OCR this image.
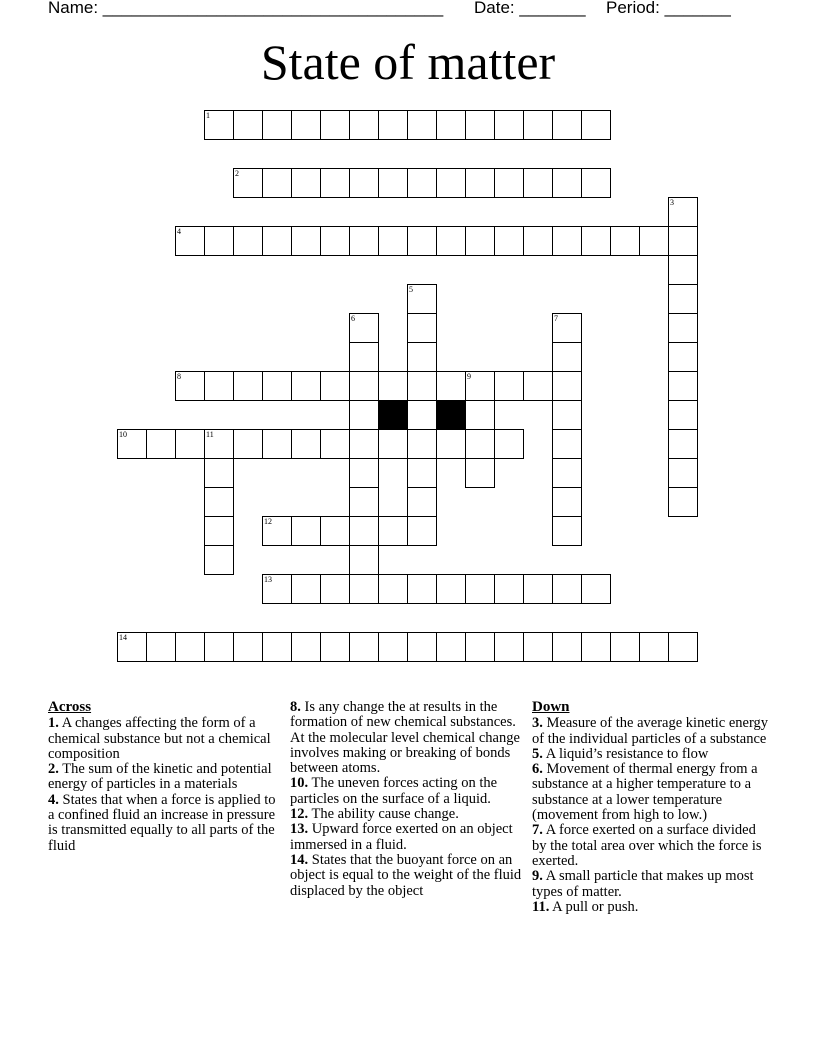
Name: ____________________________________ Date: _______ Period: _______
State of matter
1
2
3
4
5
6	7
8	9
10	11
12
13
14
Across

1. A changes affecting the form of a chemical substance but not a chemical composition

2. The sum of the kinetic and potential energy of particles in a materials

4. States that when a force is applied to a confined fluid an increase in pressure is transmitted equally to all parts of the fluid

8. Is any change the at results in the formation of new chemical substances. At the molecular level chemical change involves making or breaking of bonds between atoms.

10. The uneven forces acting on the particles on the surface of a liquid.

12. The ability cause change.

13. Upward force exerted on an object immersed in a fluid.

14. States that the buoyant force on an object is equal to the weight of the fluid displaced by the object

Down

3. Measure of the average kinetic energy of the individual particles of a substance

5. A liquid’s resistance to flow

6. Movement of thermal energy from a substance at a higher temperature to a substance at a lower temperature (movement from high to low.)

7. A force exerted on a surface divided by the total area over which the force is exerted.

9. A small particle that makes up most types of matter.

11. A pull or push.
